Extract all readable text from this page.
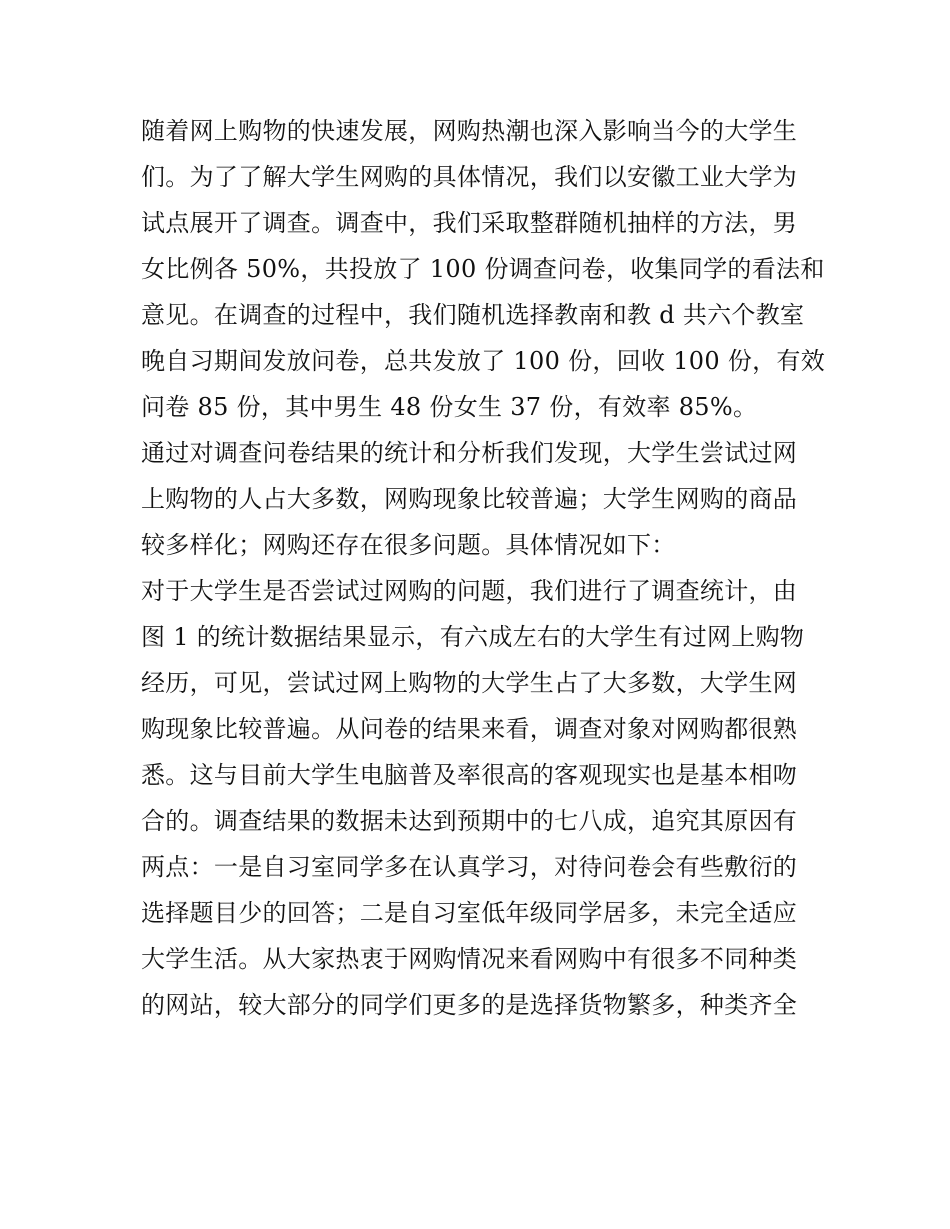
随着网上购物的快速发展，网购热潮也深入影响当今的大学生
们。为了了解大学生网购的具体情况，我们以安徽工业大学为
试点展开了调查。调查中，我们采取整群随机抽样的方法，男
女比例各 50%，共投放了 100 份调查问卷，收集同学的看法和
意见。在调查的过程中，我们随机选择教南和教 d 共六个教室
晚自习期间发放问卷，总共发放了 100 份，回收 100 份，有效
问卷 85 份，其中男生 48 份女生 37 份，有效率 85%。
通过对调查问卷结果的统计和分析我们发现，大学生尝试过网
上购物的人占大多数，网购现象比较普遍；大学生网购的商品
较多样化；网购还存在很多问题。具体情况如下：
对于大学生是否尝试过网购的问题，我们进行了调查统计，由
图 1 的统计数据结果显示，有六成左右的大学生有过网上购物
经历，可见，尝试过网上购物的大学生占了大多数，大学生网
购现象比较普遍。从问卷的结果来看，调查对象对网购都很熟
悉。这与目前大学生电脑普及率很高的客观现实也是基本相吻
合的。调查结果的数据未达到预期中的七八成，追究其原因有
两点：一是自习室同学多在认真学习，对待问卷会有些敷衍的
选择题目少的回答；二是自习室低年级同学居多，未完全适应
大学生活。从大家热衷于网购情况来看网购中有很多不同种类
的网站，较大部分的同学们更多的是选择货物繁多，种类齐全
